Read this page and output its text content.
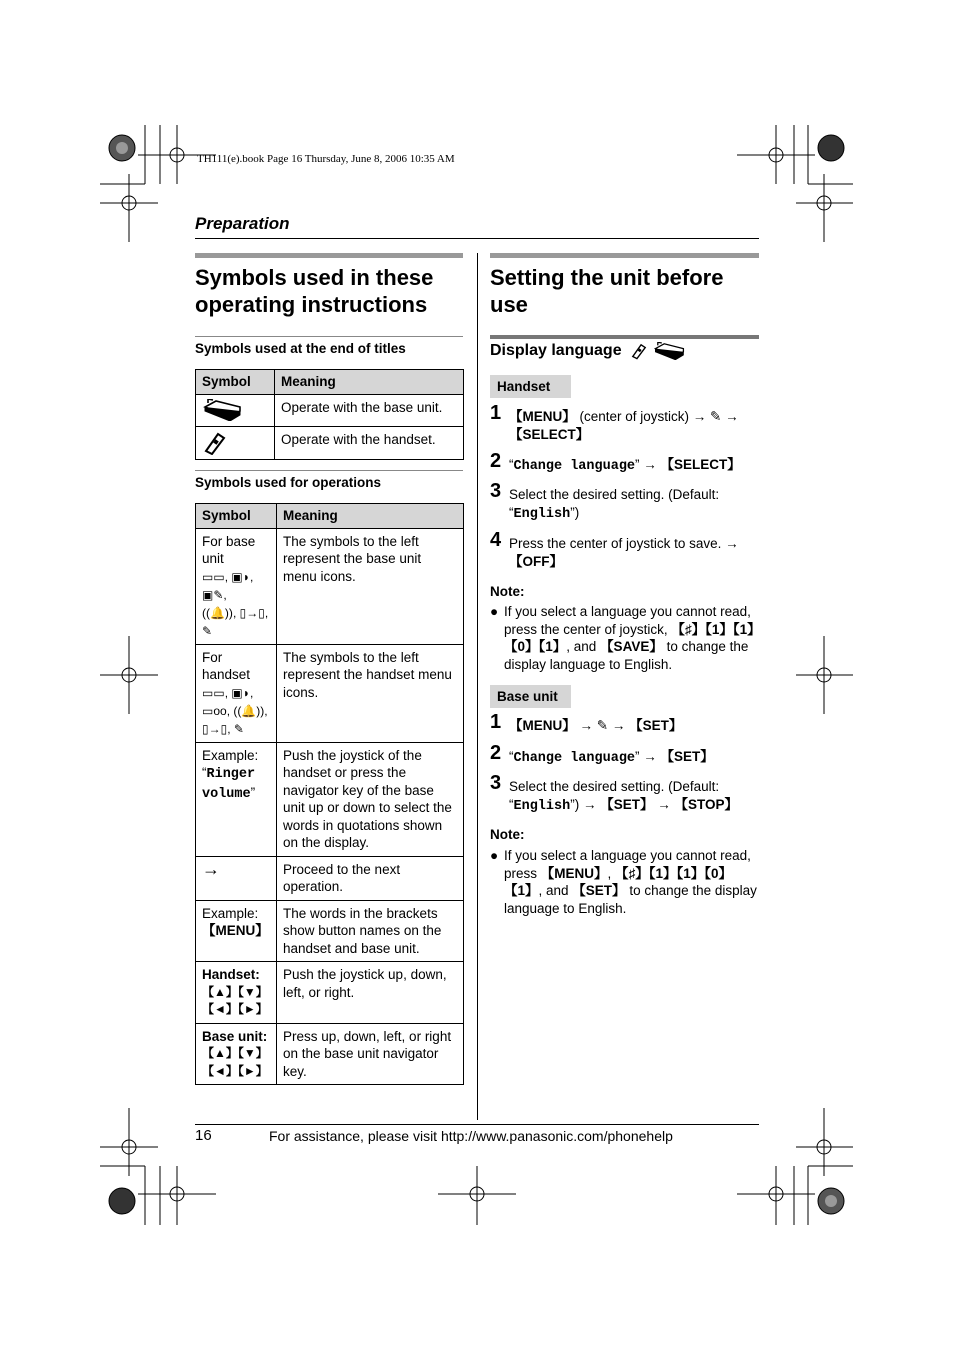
TH111(e).book Page 16 Thursday, June 8, 2006 10:35 AM
Preparation
Symbols used in these
operating instructions
Symbols used at the end of titles
Symbol	Meaning
	Operate with the base unit.
	Operate with the handset.
Symbols used for operations
Symbol	Meaning

For base unit
▭▭, ▣◗,
▣✎,
((🔔)), ▯→▯,
✎	The symbols to the left represent the base unit menu icons.

For handset
▭▭, ▣◗,
▭oo, ((🔔)),
▯→▯, ✎	The symbols to the left represent the handset menu icons.

Example:
“Ringer volume”	Push the joystick of the handset or press the navigator key of the base unit up or down to select the words in quotations shown on the display.
→	Proceed to the next operation.

Example:
【MENU】	The words in the brackets show button names on the handset and base unit.

Handset:
【▲】【▼】
【◄】【►】	Push the joystick up, down, left, or right.

Base unit:
【▲】【▼】
【◄】【►】	Press up, down, left, or right on the base unit navigator key.
Setting the unit before
use
Display language
Handset
1 【MENU】 (center of joystick) → ✎ →
【SELECT】
2 “Change language” → 【SELECT】
3 Select the desired setting. (Default: “English”)
4 Press the center of joystick to save. →
【OFF】
Note:
● If you select a language you cannot read, press the center of joystick, 【♯】【1】【1】【0】【1】, and 【SAVE】 to change the display language to English.
Base unit
1 【MENU】 → ✎ → 【SET】
2 “Change language” → 【SET】
3 Select the desired setting. (Default: “English”) → 【SET】 → 【STOP】
Note:
● If you select a language you cannot read, press 【MENU】, 【♯】【1】【1】【0】【1】, and 【SET】 to change the display language to English.
16	For assistance, please visit http://www.panasonic.com/phonehelp
